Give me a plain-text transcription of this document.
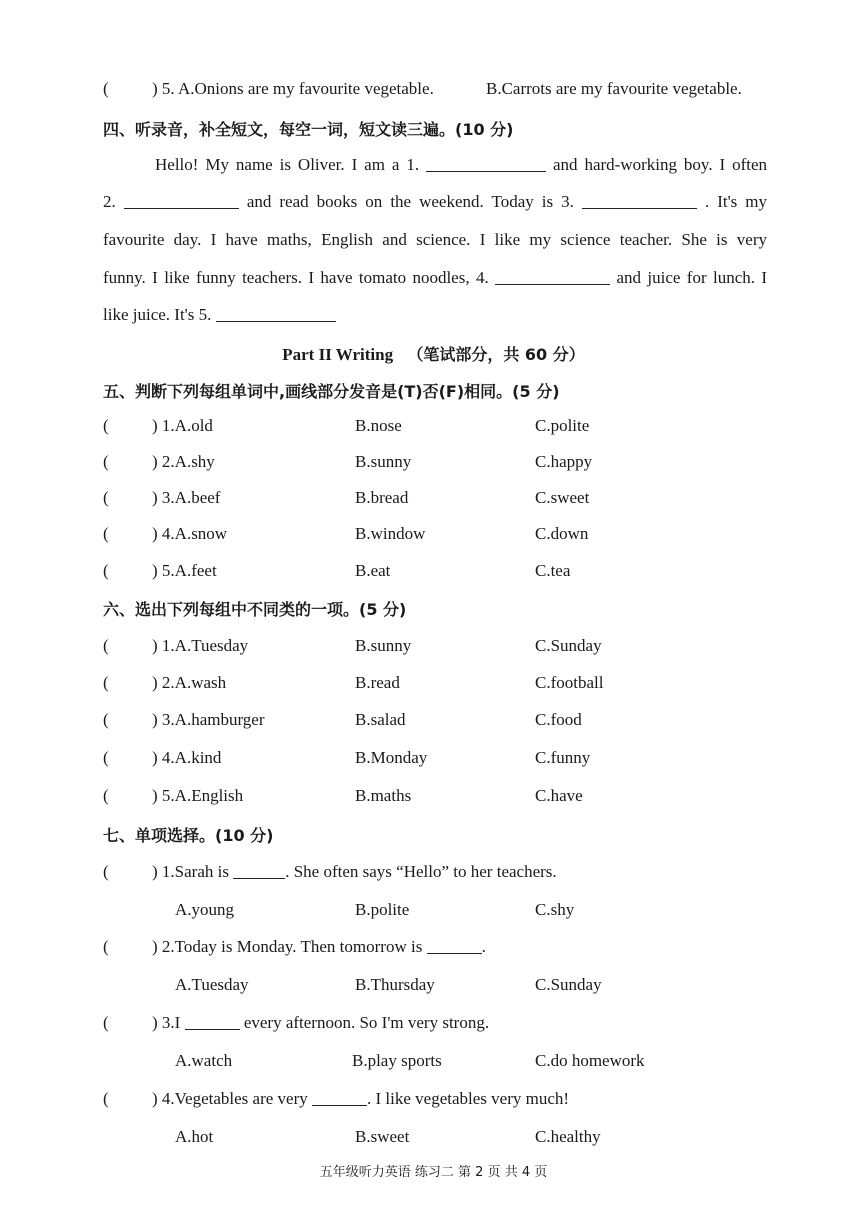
(	) 5. A.Onions are my favourite vegetable.	B.Carrots are my favourite vegetable.
四、听录音，补全短文，每空一词，短文读三遍。(10 分)
Hello! My name is Oliver. I am a 1.	and hard-working boy. I often
2.	and read books on the weekend. Today is 3.	. It's my
favourite day. I have maths, English and science. I like my science teacher. She is very
funny. I like funny teachers. I have tomato noodles, 4.	and juice for lunch. I
like juice. It's 5.
Part II Writing （笔试部分，共 60 分）
五、判断下列每组单词中,画线部分发音是(T)否(F)相同。(5 分)
(	) 1.A.old	B.nose	C.polite
(	) 2.A.shy	B.sunny	C.happy
(	) 3.A.beef	B.bread	C.sweet
(	) 4.A.snow	B.window	C.down
(	) 5.A.feet	B.eat	C.tea
六、选出下列每组中不同类的一项。(5 分)
(	) 1.A.Tuesday	B.sunny	C.Sunday
(	) 2.A.wash	B.read	C.football
(	) 3.A.hamburger	B.salad	C.food
(	) 4.A.kind	B.Monday	C.funny
(	) 5.A.English	B.maths	C.have
七、单项选择。(10 分)
(	) 1.Sarah is	. She often says “Hello” to her teachers.
A.young	B.polite	C.shy
(	) 2.Today is Monday. Then tomorrow is	.
A.Tuesday	B.Thursday	C.Sunday
(	) 3.I	every afternoon. So I'm very strong.
A.watch	B.play sports	C.do homework
(	) 4.Vegetables are very	. I like vegetables very much!
A.hot	B.sweet	C.healthy
五年级听力英语 练习二 第 2 页 共 4 页
